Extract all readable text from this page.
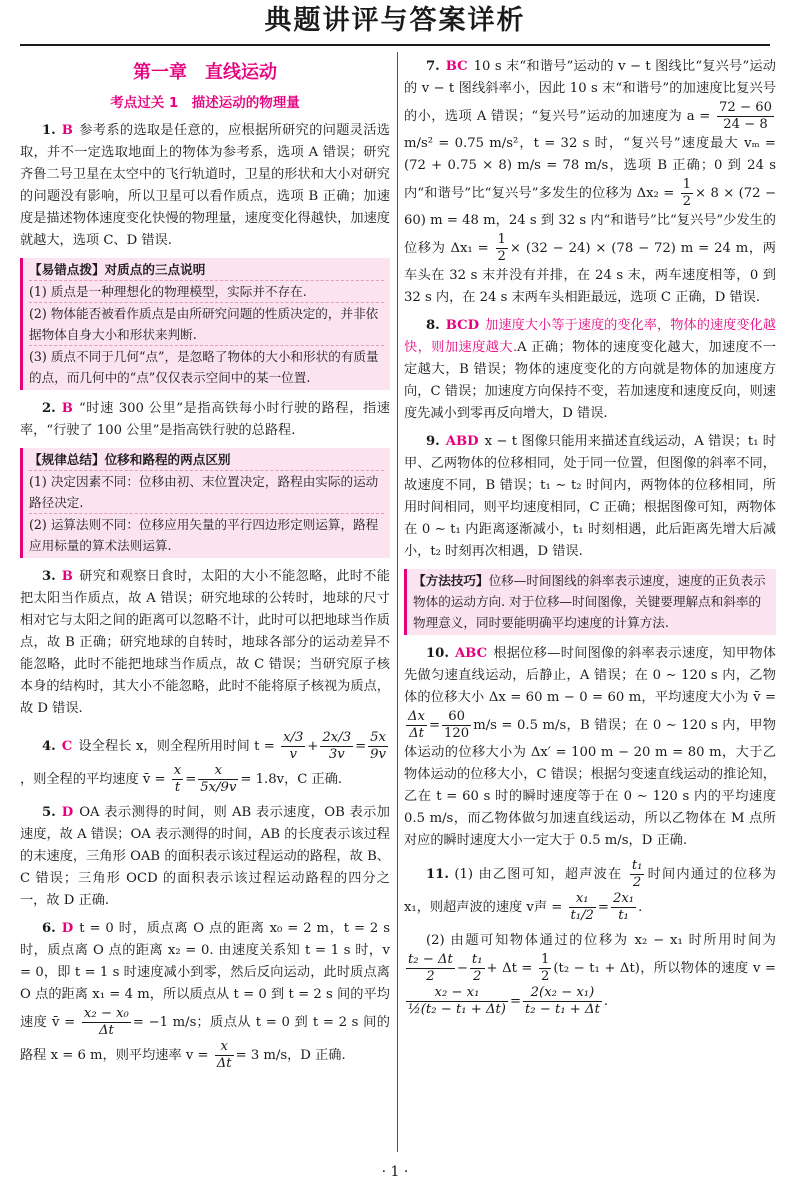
典题讲评与答案详析
第一章　直线运动
考点过关 1　描述运动的物理量

1. B 参考系的选取是任意的，应根据所研究的问题灵活选取，并不一定选取地面上的物体为参考系，选项 A 错误；研究齐鲁二号卫星在太空中的飞行轨道时，卫星的形状和大小对研究的问题没有影响，所以卫星可以看作质点，选项 B 正确；加速度是描述物体速度变化快慢的物理量，速度变化得越快，加速度就越大，选项 C、D 错误.

【易错点拨】对质点的三点说明
(1) 质点是一种理想化的物理模型，实际并不存在.
(2) 物体能否被看作质点是由所研究问题的性质决定的，并非依据物体自身大小和形状来判断.
(3) 质点不同于几何“点”，是忽略了物体的大小和形状的有质量的点，而几何中的“点”仅仅表示空间中的某一位置.

2. B “时速 300 公里”是指高铁每小时行驶的路程，指速率，“行驶了 100 公里”是指高铁行驶的总路程.

【规律总结】位移和路程的两点区别
(1) 决定因素不同：位移由初、末位置决定，路程由实际的运动路径决定.
(2) 运算法则不同：位移应用矢量的平行四边形定则运算，路程应用标量的算术法则运算.

3. B 研究和观察日食时，太阳的大小不能忽略，此时不能把太阳当作质点，故 A 错误；研究地球的公转时，地球的尺寸相对它与太阳之间的距离可以忽略不计，此时可以把地球当作质点，故 B 正确；研究地球的自转时，地球各部分的运动差异不能忽略，此时不能把地球当作质点，故 C 错误；当研究原子核本身的结构时，其大小不能忽略，此时不能将原子核视为质点，故 D 错误.

4. C 设全程长 x，则全程所用时间 $t = \frac{x/3}{v} + \frac{2x/3}{3v} = \frac{5x}{9v}$
，则全程的平均速度 v̄ = $\frac{x}{t} = \frac{x}{5x/9v} = 1.8v$，C 正确.

5. D OA 表示测得的时间，则 AB 表示速度，OB 表示加速度，故 A 错误；OA 表示测得的时间，AB 的长度表示该过程的末速度，三角形 OAB 的面积表示该过程运动的路程，故 B、C 错误；三角形 OCD 的面积表示该过程运动路程的四分之一，故 D 正确.

6. D t = 0 时，质点离 O 点的距离 x₀ = 2 m，t = 2 s 时，质点离 O 点的距离 x₂ = 0. 由速度关系知 t = 1 s 时，v = 0，即 t = 1 s 时速度减小到零，然后反向运动，此时质点离 O 点的距离 x₁ = 4 m，所以质点从 t = 0 到 t = 2 s 间的平均速度 v̄ = $\frac{\text{x₂ − x₀}}{\Delta t} = -1$ m/s；质点从 t = 0 到 t = 2 s 间的路程 x = 6 m，则平均速率 $v = \frac{x}{\Delta t} = 3$ m/s，D 正确.

7. BC 10 s 末“和谐号”运动的 v − t 图线比“复兴号”运动的 v − t 图线斜率小，因此 10 s 末“和谐号”的加速度比复兴号的小，选项 A 错误；“复兴号”运动的加速度为 $a = \frac{72 - 60}{24 - 8}$
m/s² = 0.75 m/s²，t = 32 s 时，“复兴号”速度最大 vₘ = (72 + 0.75 × 8) m/s = 78 m/s，选项 B 正确；0 到 24 s 内“和谐号”比“复兴号”多发生的位移为 $\Delta x_2 = \frac{1}{2} \times 8 \times (72 - 60) m = 48$ m，24 s 到 32 s 内“和谐号”比“复兴号”少发生的位移为 $\Delta x_1 = \frac{1}{2} \times (32 - 24) \times (78 - 72) m = 24$ m，两车头在 32 s 末并没有并排，在 24 s 末，两车速度相等，0 到 32 s 内，在 24 s 末两车头相距最远，选项 C 正确，D 错误.

8. BCD 加速度大小等于速度的变化率，物体的速度变化越快，则加速度越大.A 正确；物体的速度变化越大，加速度不一定越大，B 错误；物体的速度变化的方向就是物体的加速度方向，C 错误；加速度方向保持不变，若加速度和速度反向，则速度先减小到零再反向增大，D 错误.

9. ABD x − t 图像只能用来描述直线运动，A 错误；t₁ 时甲、乙两物体的位移相同，处于同一位置，但图像的斜率不同，故速度不同，B 错误；t₁ ∼ t₂ 时间内，两物体的位移相同，所用时间相同，则平均速度相同，C 正确；根据图像可知，两物体在 0 ∼ t₁ 内距离逐渐减小，t₁ 时刻相遇，此后距离先增大后减小，t₂ 时刻再次相遇，D 错误.

【方法技巧】位移—时间图线的斜率表示速度，速度的正负表示物体的运动方向. 对于位移—时间图像，关键要理解点和斜率的物理意义，同时要能明确平均速度的计算方法.

10. ABC 根据位移—时间图像的斜率表示速度，知甲物体先做匀速直线运动，后静止，A 错误；在 0 ∼ 120 s 内，乙物体的位移大小 Δx = 60 m − 0 = 60 m，平均速度大小为 v̄ =
$\frac{\Delta x}{\Delta t} = \frac{60}{120} m/s = 0.5$ m/s，B 错误；在 0 ∼ 120 s 内，甲物体运动的位移大小为 Δx′ = 100 m − 20 m = 80 m，大于乙物体运动的位移大小，C 错误；根据匀变速直线运动的推论知，乙在 t = 60 s 时的瞬时速度等于在 0 ∼ 120 s 内的平均速度 0.5 m/s，而乙物体做匀加速直线运动，所以乙物体在 M 点所对应的瞬时速度大小一定大于 0.5 m/s，D 正确.

11. (1) 由乙图可知，超声波在 $\frac{\text{t₁}}{2}$ 时间内通过的位移为 x₁，则超声波的速度 v声 = $\frac{\text{x₁}}{\text{t₁/2}} = \frac{\text{2x₁}}{\text{t₁}}$ .

(2) 由题可知物体通过的位移为 x₂ − x₁ 时所用时间为
$\frac{\text{t₂ − Δt}}{2} - \frac{\text{t₁}}{2} + \Delta t = \frac{1}{2} (t_2 - t_1 + \Delta t)$，所以物体的速度 v =
$\frac{\text{x₂ − x₁}}{\text{½(t₂ − t₁ + Δt)}} = \frac{\text{2(x₂ − x₁)}}{\text{t₂ − t₁ + Δt}}$ .

· 1 ·
